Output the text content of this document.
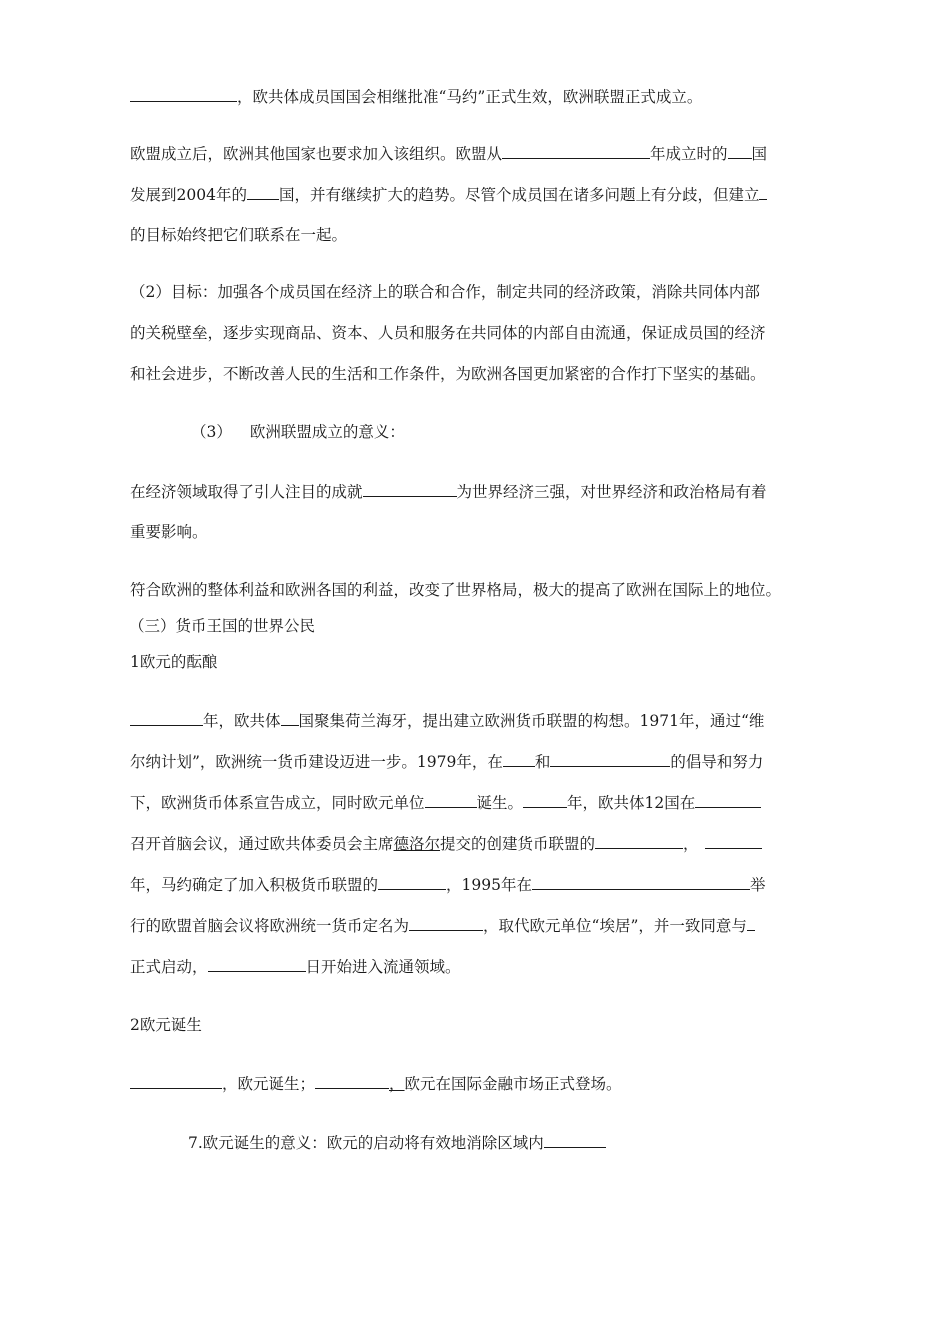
，欧共体成员国国会相继批准“马约”正式生效，欧洲联盟正式成立。
欧盟成立后，欧洲其他国家也要求加入该组织。欧盟从	年成立时的 国
发展到2004年的 国，并有继续扩大的趋势。尽管个成员国在诸多问题上有分歧，但建立
的目标始终把它们联系在一起。
（2）目标：加强各个成员国在经济上的联合和合作，制定共同的经济政策，消除共同体内部
的关税壁垒，逐步实现商品、资本、人员和服务在共同体的内部自由流通，保证成员国的经济
和社会进步，不断改善人民的生活和工作条件，为欧洲各国更加紧密的合作打下坚实的基础。
（3） 欧洲联盟成立的意义：
在经济领域取得了引人注目的成就	为世界经济三强，对世界经济和政治格局有着
重要影响。
符合欧洲的整体利益和欧洲各国的利益，改变了世界格局，极大的提高了欧洲在国际上的地位。
（三）货币王国的世界公民
1欧元的酝酿
年，欧共体 国聚集荷兰海牙，提出建立欧洲货币联盟的构想。1971年，通过“维
尔纳计划”，欧洲统一货币建设迈进一步。1979年，在 和	的倡导和努力
下，欧洲货币体系宣告成立，同时欧元单位	诞生。	年，欧共体12国在
召开首脑会议，通过欧共体委员会主席德洛尔提交的创建货币联盟的	，
年，马约确定了加入积极货币联盟的	，1995年在	举
行的欧盟首脑会议将欧洲统一货币定名为	，取代欧元单位“埃居”，并一致同意与
正式启动，	日开始进入流通领域。
2欧元诞生
，欧元诞生；	，欧元在国际金融市场正式登场。
7.欧元诞生的意义：欧元的启动将有效地消除区域内
